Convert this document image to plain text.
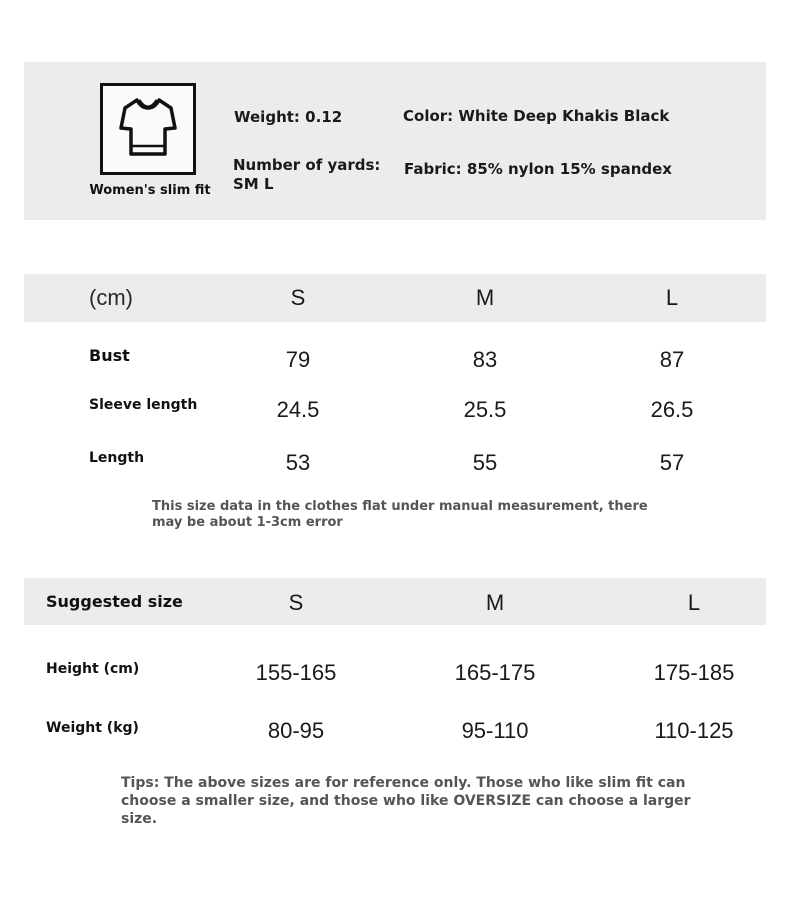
Women's slim fit
Weight: 0.12
Number of yards:
SM L
Color: White Deep Khakis Black
Fabric: 85% nylon 15% spandex
(cm)	S	M	L
Bust	79	83	87
Sleeve length	24.5	25.5	26.5
Length	53	55	57
This size data in the clothes flat under manual measurement, there may be about 1-3cm error
Suggested size	S	M	L
Height (cm)	155-165	165-175	175-185
Weight (kg)	80-95	95-110	110-125
Tips: The above sizes are for reference only. Those who like slim fit can choose a smaller size, and those who like OVERSIZE can choose a larger size.
